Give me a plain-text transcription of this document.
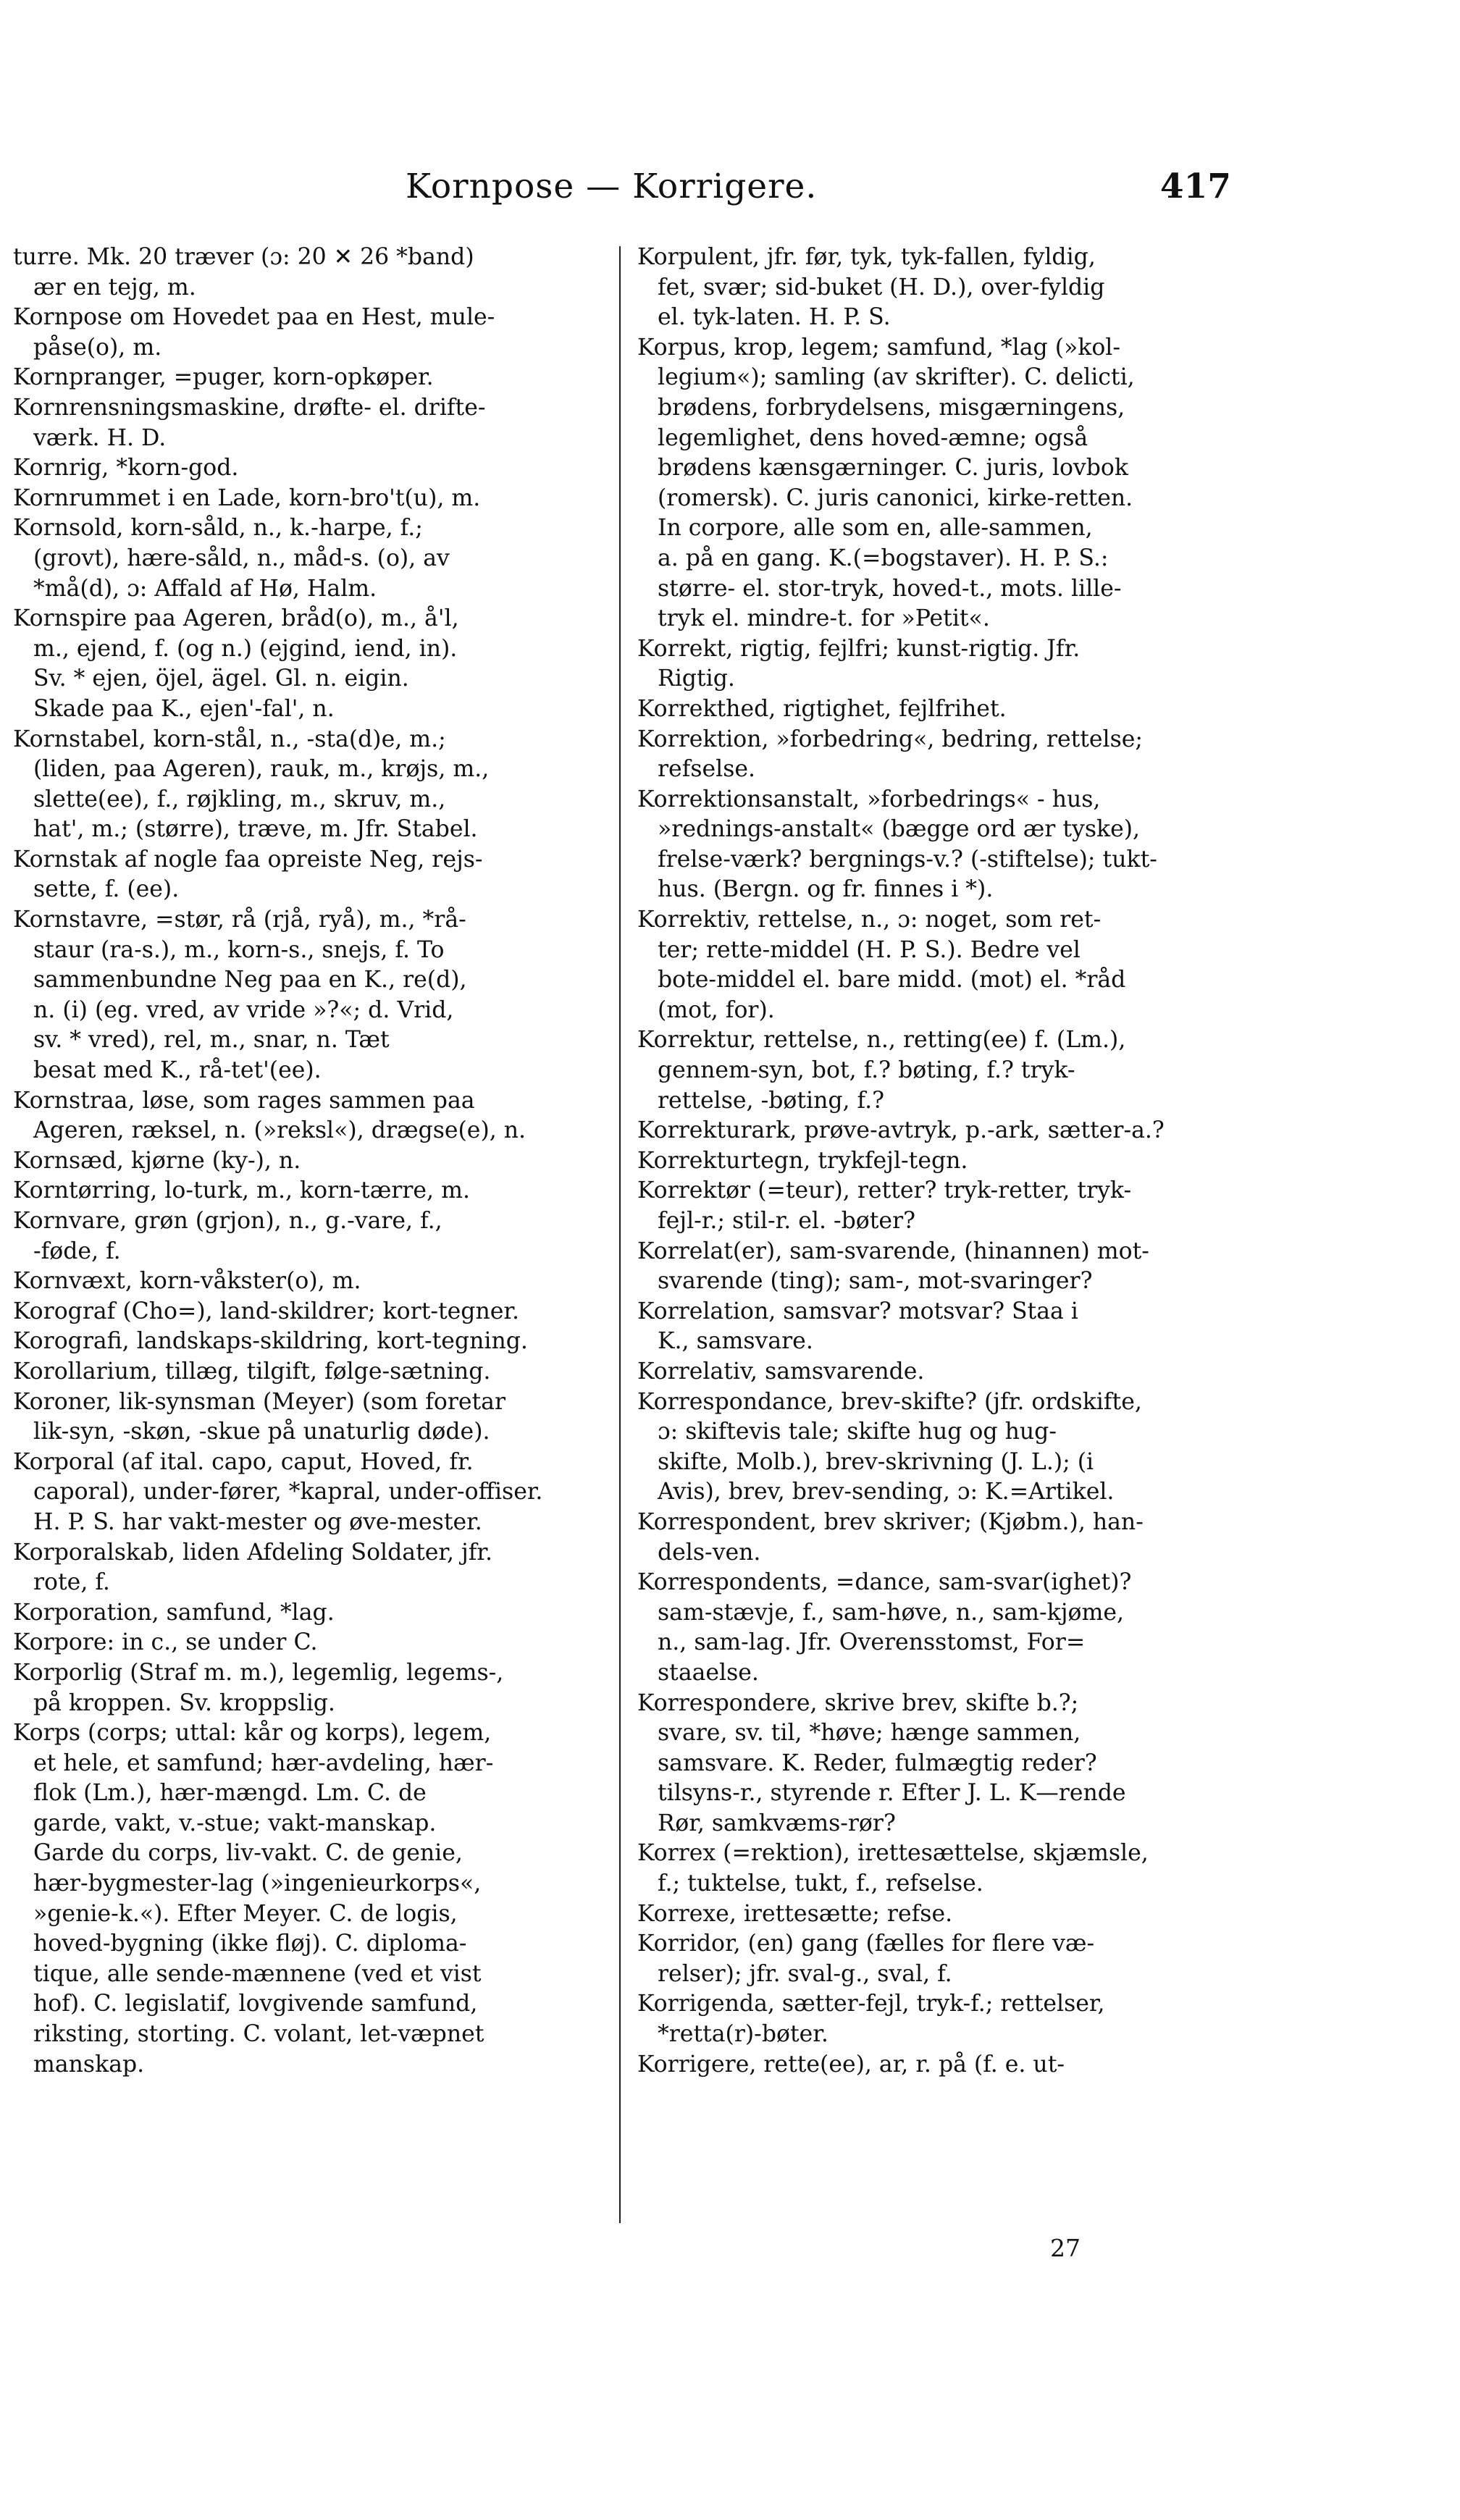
Kornpose — Korrigere.	417
turre. Mk. 20 træver (ɔ: 20 ✕ 26 *band)
ær en tejg, m.
Kornpose om Hovedet paa en Hest, mule-
påse(o), m.
Kornpranger, =puger, korn-opkøper.
Kornrensningsmaskine, drøfte- el. drifte-
værk. H. D.
Kornrig, *korn-god.
Kornrummet i en Lade, korn-bro't(u), m.
Kornsold, korn-såld, n., k.-harpe, f.;
(grovt), hære-såld, n., måd-s. (o), av
*må(d), ɔ: Affald af Hø, Halm.
Kornspire paa Ageren, bråd(o), m., å'l,
m., ejend, f. (og n.) (ejgind, iend, in).
Sv. * ejen, öjel, ägel. Gl. n. eigin.
Skade paa K., ejen'-fal', n.
Kornstabel, korn-stål, n., -sta(d)e, m.;
(liden, paa Ageren), rauk, m., krøjs, m.,
slette(ee), f., røjkling, m., skruv, m.,
hat', m.; (større), træve, m. Jfr. Stabel.
Kornstak af nogle faa opreiste Neg, rejs-
sette, f. (ee).
Kornstavre, =stør, rå (rjå, ryå), m., *rå-
staur (ra-s.), m., korn-s., snejs, f. To
sammenbundne Neg paa en K., re(d),
n. (i) (eg. vred, av vride »?«; d. Vrid,
sv. * vred), rel, m., snar, n. Tæt
besat med K., rå-tet'(ee).
Kornstraa, løse, som rages sammen paa
Ageren, ræksel, n. (»reksl«), drægse(e), n.
Kornsæd, kjørne (ky-), n.
Korntørring, lo-turk, m., korn-tærre, m.
Kornvare, grøn (grjon), n., g.-vare, f.,
-føde, f.
Kornvæxt, korn-våkster(o), m.
Korograf (Cho=), land-skildrer; kort-tegner.
Korografi, landskaps-skildring, kort-tegning.
Korollarium, tillæg, tilgift, følge-sætning.
Koroner, lik-synsman (Meyer) (som foretar
lik-syn, -skøn, -skue på unaturlig døde).
Korporal (af ital. capo, caput, Hoved, fr.
caporal), under-fører, *kapral, under-offiser.
H. P. S. har vakt-mester og øve-mester.
Korporalskab, liden Afdeling Soldater, jfr.
rote, f.
Korporation, samfund, *lag.
Korpore: in c., se under C.
Korporlig (Straf m. m.), legemlig, legems-,
på kroppen. Sv. kroppslig.
Korps (corps; uttal: kår og korps), legem,
et hele, et samfund; hær-avdeling, hær-
flok (Lm.), hær-mængd. Lm. C. de
garde, vakt, v.-stue; vakt-manskap.
Garde du corps, liv-vakt. C. de genie,
hær-bygmester-lag (»ingenieurkorps«,
»genie-k.«). Efter Meyer. C. de logis,
hoved-bygning (ikke fløj). C. diploma-
tique, alle sende-mænnene (ved et vist
hof). C. legislatif, lovgivende samfund,
riksting, storting. C. volant, let-væpnet
manskap.
Korpulent, jfr. før, tyk, tyk-fallen, fyldig,
fet, svær; sid-buket (H. D.), over-fyldig
el. tyk-laten. H. P. S.
Korpus, krop, legem; samfund, *lag (»kol-
legium«); samling (av skrifter). C. delicti,
brødens, forbrydelsens, misgærningens,
legemlighet, dens hoved-æmne; også
brødens kænsgærninger. C. juris, lovbok
(romersk). C. juris canonici, kirke-retten.
In corpore, alle som en, alle-sammen,
a. på en gang. K.(=bogstaver). H. P. S.:
større- el. stor-tryk, hoved-t., mots. lille-
tryk el. mindre-t. for »Petit«.
Korrekt, rigtig, fejlfri; kunst-rigtig. Jfr.
Rigtig.
Korrekthed, rigtighet, fejlfrihet.
Korrektion, »forbedring«, bedring, rettelse;
refselse.
Korrektionsanstalt, »forbedrings« - hus,
»rednings-anstalt« (bægge ord ær tyske),
frelse-værk? bergnings-v.? (-stiftelse); tukt-
hus. (Bergn. og fr. finnes i *).
Korrektiv, rettelse, n., ɔ: noget, som ret-
ter; rette-middel (H. P. S.). Bedre vel
bote-middel el. bare midd. (mot) el. *råd
(mot, for).
Korrektur, rettelse, n., retting(ee) f. (Lm.),
gennem-syn, bot, f.? bøting, f.? tryk-
rettelse, -bøting, f.?
Korrekturark, prøve-avtryk, p.-ark, sætter-a.?
Korrekturtegn, trykfejl-tegn.
Korrektør (=teur), retter? tryk-retter, tryk-
fejl-r.; stil-r. el. -bøter?
Korrelat(er), sam-svarende, (hinannen) mot-
svarende (ting); sam-, mot-svaringer?
Korrelation, samsvar? motsvar? Staa i
K., samsvare.
Korrelativ, samsvarende.
Korrespondance, brev-skifte? (jfr. ordskifte,
ɔ: skiftevis tale; skifte hug og hug-
skifte, Molb.), brev-skrivning (J. L.); (i
Avis), brev, brev-sending, ɔ: K.=Artikel.
Korrespondent, brev skriver; (Kjøbm.), han-
dels-ven.
Korrespondents, =dance, sam-svar(ighet)?
sam-stævje, f., sam-høve, n., sam-kjøme,
n., sam-lag. Jfr. Overensstomst, For=
staaelse.
Korrespondere, skrive brev, skifte b.?;
svare, sv. til, *høve; hænge sammen,
samsvare. K. Reder, fulmægtig reder?
tilsyns-r., styrende r. Efter J. L. K—rende
Rør, samkvæms-rør?
Korrex (=rektion), irettesættelse, skjæmsle,
f.; tuktelse, tukt, f., refselse.
Korrexe, irettesætte; refse.
Korridor, (en) gang (fælles for flere væ-
relser); jfr. sval-g., sval, f.
Korrigenda, sætter-fejl, tryk-f.; rettelser,
*retta(r)-bøter.
Korrigere, rette(ee), ar, r. på (f. e. ut-
27
